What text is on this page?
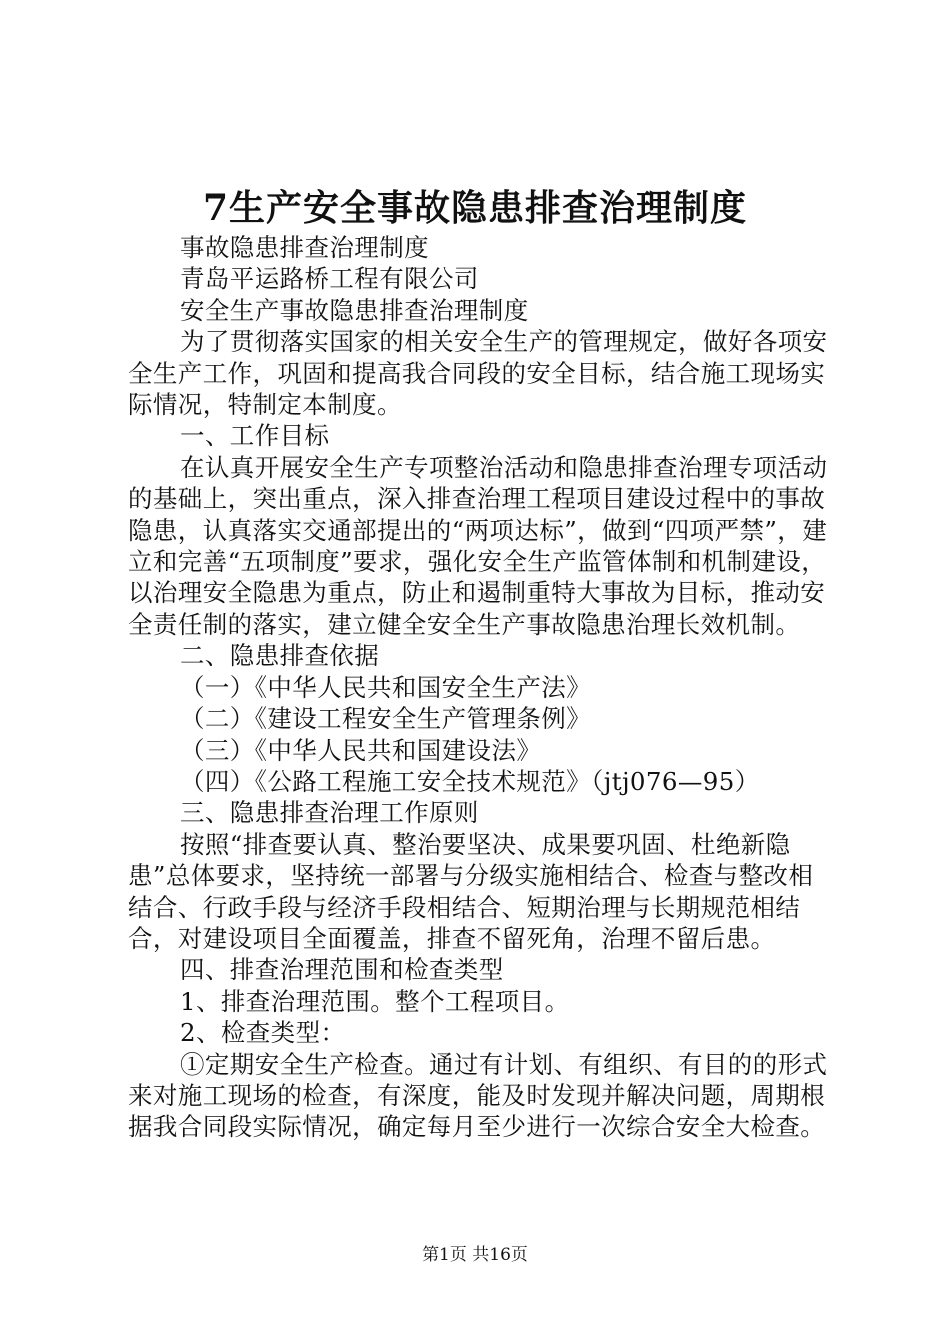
7生产安全事故隐患排查治理制度

事故隐患排查治理制度

青岛平运路桥工程有限公司

安全生产事故隐患排查治理制度

为了贯彻落实国家的相关安全生产的管理规定，做好各项安全生产工作，巩固和提高我合同段的安全目标，结合施工现场实际情况，特制定本制度。

一、工作目标

在认真开展安全生产专项整治活动和隐患排查治理专项活动的基础上，突出重点，深入排查治理工程项目建设过程中的事故隐患，认真落实交通部提出的“两项达标”，做到“四项严禁”，建立和完善“五项制度”要求，强化安全生产监管体制和机制建设，以治理安全隐患为重点，防止和遏制重特大事故为目标，推动安全责任制的落实，建立健全安全生产事故隐患治理长效机制。

二、隐患排查依据

（一）《中华人民共和国安全生产法》

（二）《建设工程安全生产管理条例》

（三）《中华人民共和国建设法》

（四）《公路工程施工安全技术规范》（jtj076—95）

三、隐患排查治理工作原则

按照“排查要认真、整治要坚决、成果要巩固、杜绝新隐患”总体要求，坚持统一部署与分级实施相结合、检查与整改相结合、行政手段与经济手段相结合、短期治理与长期规范相结合，对建设项目全面覆盖，排查不留死角，治理不留后患。

四、排查治理范围和检查类型

1、排查治理范围。整个工程项目。

2、检查类型：

①定期安全生产检查。通过有计划、有组织、有目的的形式来对施工现场的检查，有深度，能及时发现并解决问题，周期根据我合同段实际情况，确定每月至少进行一次综合安全大检查。

第1页 共16页
